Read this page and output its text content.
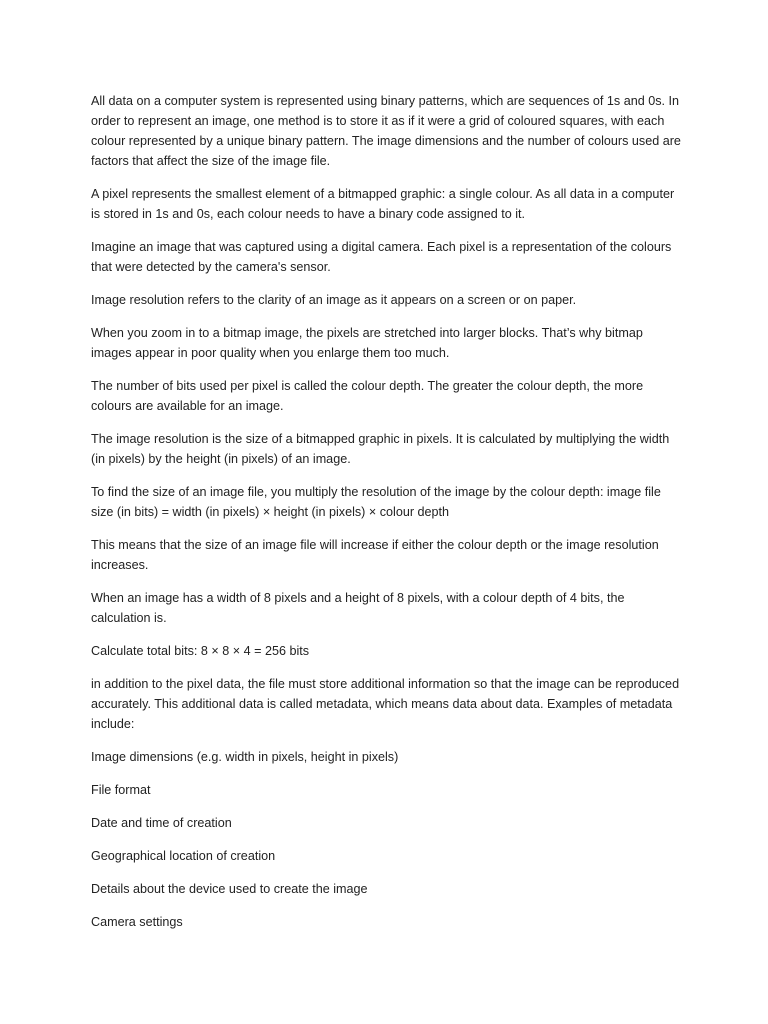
All data on a computer system is represented using binary patterns, which are sequences of 1s and 0s. In order to represent an image, one method is to store it as if it were a grid of coloured squares, with each colour represented by a unique binary pattern. The image dimensions and the number of colours used are factors that affect the size of the image file.

A pixel represents the smallest element of a bitmapped graphic: a single colour. As all data in a computer is stored in 1s and 0s, each colour needs to have a binary code assigned to it.

Imagine an image that was captured using a digital camera. Each pixel is a representation of the colours that were detected by the camera's sensor.

Image resolution refers to the clarity of an image as it appears on a screen or on paper.

When you zoom in to a bitmap image, the pixels are stretched into larger blocks. That’s why bitmap images appear in poor quality when you enlarge them too much.

The number of bits used per pixel is called the colour depth. The greater the colour depth, the more colours are available for an image.

The image resolution is the size of a bitmapped graphic in pixels. It is calculated by multiplying the width (in pixels) by the height (in pixels) of an image.

To find the size of an image file, you multiply the resolution of the image by the colour depth: image file size (in bits) = width (in pixels) × height (in pixels) × colour depth

This means that the size of an image file will increase if either the colour depth or the image resolution increases.

When an image has a width of 8 pixels and a height of 8 pixels, with a colour depth of 4 bits, the calculation is.

Calculate total bits: 8 × 8 × 4 = 256 bits

in addition to the pixel data, the file must store additional information so that the image can be reproduced accurately. This additional data is called metadata, which means data about data. Examples of metadata include:

Image dimensions (e.g. width in pixels, height in pixels)

File format

Date and time of creation

Geographical location of creation

Details about the device used to create the image

Camera settings
